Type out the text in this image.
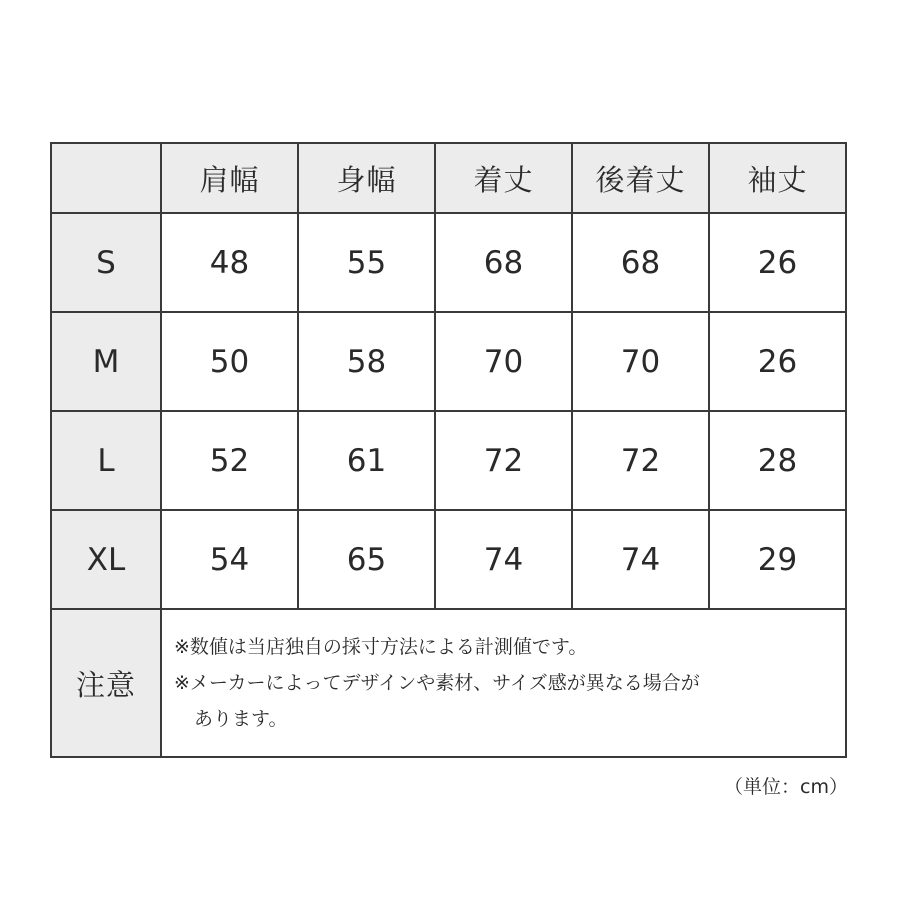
	肩幅	身幅	着丈	後着丈	袖丈
S	48	55	68	68	26
M	50	58	70	70	26
L	52	61	72	72	28
XL	54	65	74	74	29
注意	※数値は当店独自の採寸方法による計測値です。
※メーカーによってデザインや素材、サイズ感が異なる場合が
あります。				
（単位：cm）
